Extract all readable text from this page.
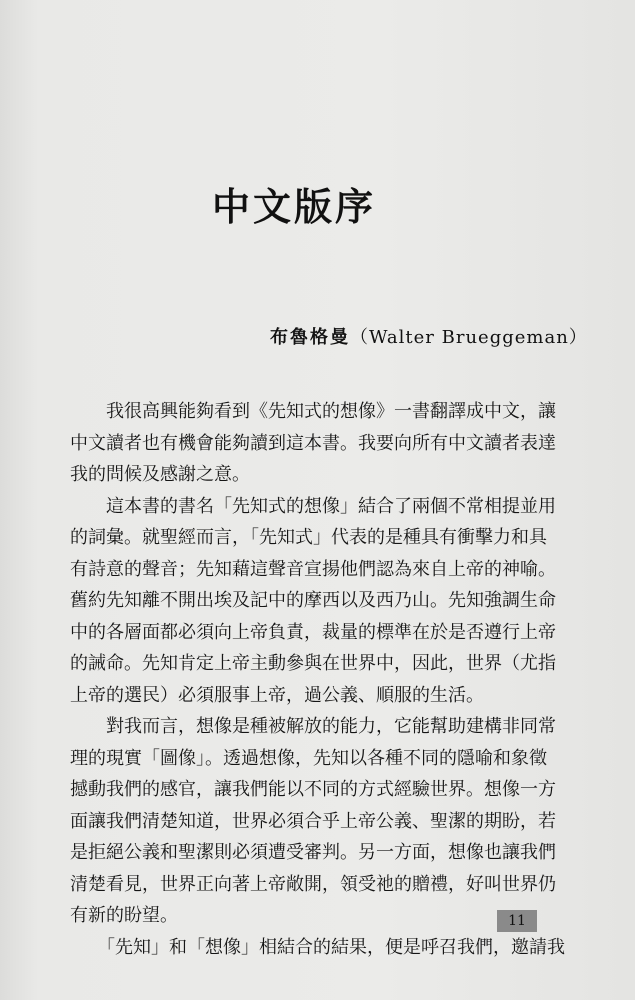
中文版序
布魯格曼（Walter Brueggeman）
　　我很高興能夠看到《先知式的想像》一書翻譯成中文，讓
中文讀者也有機會能夠讀到這本書。我要向所有中文讀者表達
我的問候及感謝之意。
　　這本書的書名「先知式的想像」結合了兩個不常相提並用
的詞彙。就聖經而言，「先知式」代表的是種具有衝擊力和具
有詩意的聲音；先知藉這聲音宣揚他們認為來自上帝的神喻。
舊約先知離不開出埃及記中的摩西以及西乃山。先知強調生命
中的各層面都必須向上帝負責，裁量的標準在於是否遵行上帝
的誡命。先知肯定上帝主動參與在世界中，因此，世界（尤指
上帝的選民）必須服事上帝，過公義、順服的生活。
　　對我而言，想像是種被解放的能力，它能幫助建構非同常
理的現實「圖像」。透過想像，先知以各種不同的隱喻和象徵
撼動我們的感官，讓我們能以不同的方式經驗世界。想像一方
面讓我們清楚知道，世界必須合乎上帝公義、聖潔的期盼，若
是拒絕公義和聖潔則必須遭受審判。另一方面，想像也讓我們
清楚看見，世界正向著上帝敞開，領受祂的贈禮，好叫世界仍
有新的盼望。
　　「先知」和「想像」相結合的結果，便是呼召我們，邀請我
11
